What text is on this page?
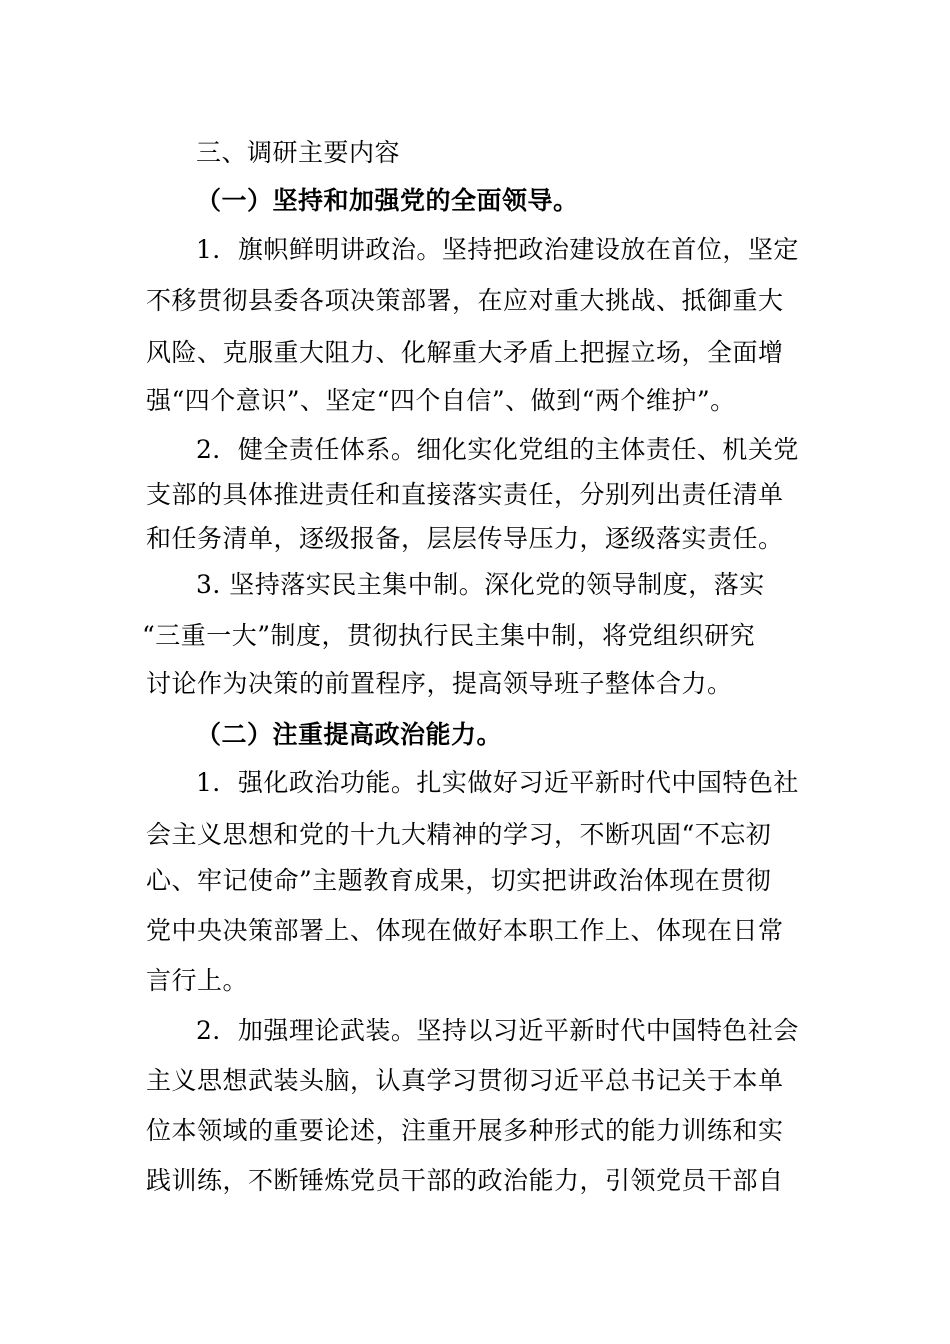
三、调研主要内容
（一）坚持和加强党的全面领导。
1．旗帜鲜明讲政治。坚持把政治建设放在首位，坚定
不移贯彻县委各项决策部署，在应对重大挑战、抵御重大
风险、克服重大阻力、化解重大矛盾上把握立场，全面增
强“四个意识”、坚定“四个自信”、做到“两个维护”。
2．健全责任体系。细化实化党组的主体责任、机关党
支部的具体推进责任和直接落实责任，分别列出责任清单
和任务清单，逐级报备，层层传导压力，逐级落实责任。
3. 坚持落实民主集中制。深化党的领导制度，落实
“三重一大”制度，贯彻执行民主集中制，将党组织研究
讨论作为决策的前置程序，提高领导班子整体合力。
（二）注重提高政治能力。
1．强化政治功能。扎实做好习近平新时代中国特色社
会主义思想和党的十九大精神的学习，不断巩固“不忘初
心、牢记使命”主题教育成果，切实把讲政治体现在贯彻
党中央决策部署上、体现在做好本职工作上、体现在日常
言行上。
2．加强理论武装。坚持以习近平新时代中国特色社会
主义思想武装头脑，认真学习贯彻习近平总书记关于本单
位本领域的重要论述，注重开展多种形式的能力训练和实
践训练，不断锤炼党员干部的政治能力，引领党员干部自
